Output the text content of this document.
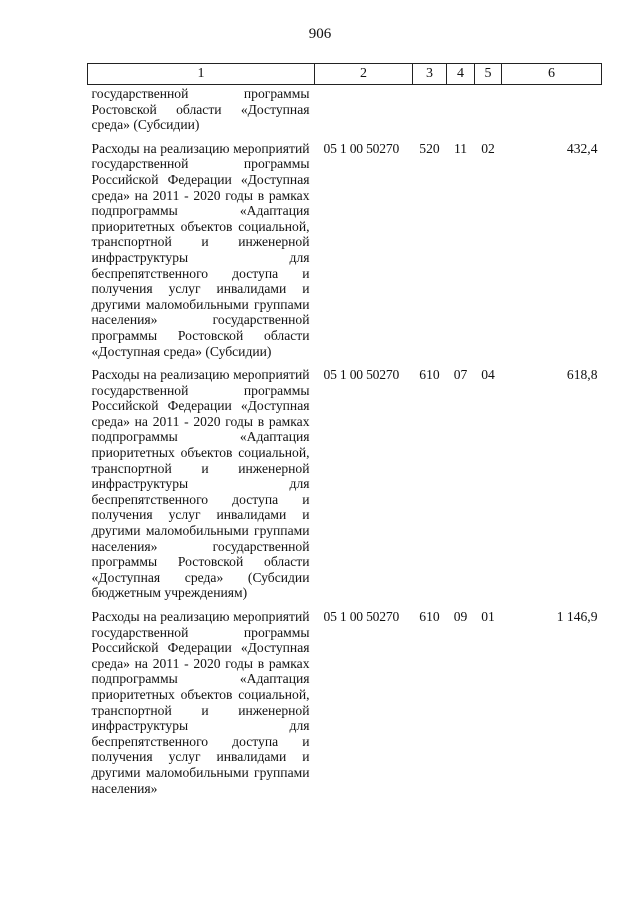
906
1	2	3	4	5	6
государственной программы Ростовской области «Доступная среда» (Субсидии)					
Расходы на реализацию мероприятий государственной программы Российской Федерации «Доступная среда» на 2011 - 2020 годы в рамках подпрограммы «Адаптация приоритетных объектов социальной, транспортной и инженерной инфраструктуры для беспрепятственного доступа и получения услуг инвалидами и другими маломобильными группами населения» государственной программы Ростовской области «Доступная среда» (Субсидии)	05 1 00 50270	520	11	02	432,4
Расходы на реализацию мероприятий государственной программы Российской Федерации «Доступная среда» на 2011 - 2020 годы в рамках подпрограммы «Адаптация приоритетных объектов социальной, транспортной и инженерной инфраструктуры для беспрепятственного доступа и получения услуг инвалидами и другими маломобильными группами населения» государственной программы Ростовской области «Доступная среда» (Субсидии бюджетным учреждениям)	05 1 00 50270	610	07	04	618,8
Расходы на реализацию мероприятий государственной программы Российской Федерации «Доступная среда» на 2011 - 2020 годы в рамках подпрограммы «Адаптация приоритетных объектов социальной, транспортной и инженерной инфраструктуры для беспрепятственного доступа и получения услуг инвалидами и другими маломобильными группами населения»	05 1 00 50270	610	09	01	1 146,9
